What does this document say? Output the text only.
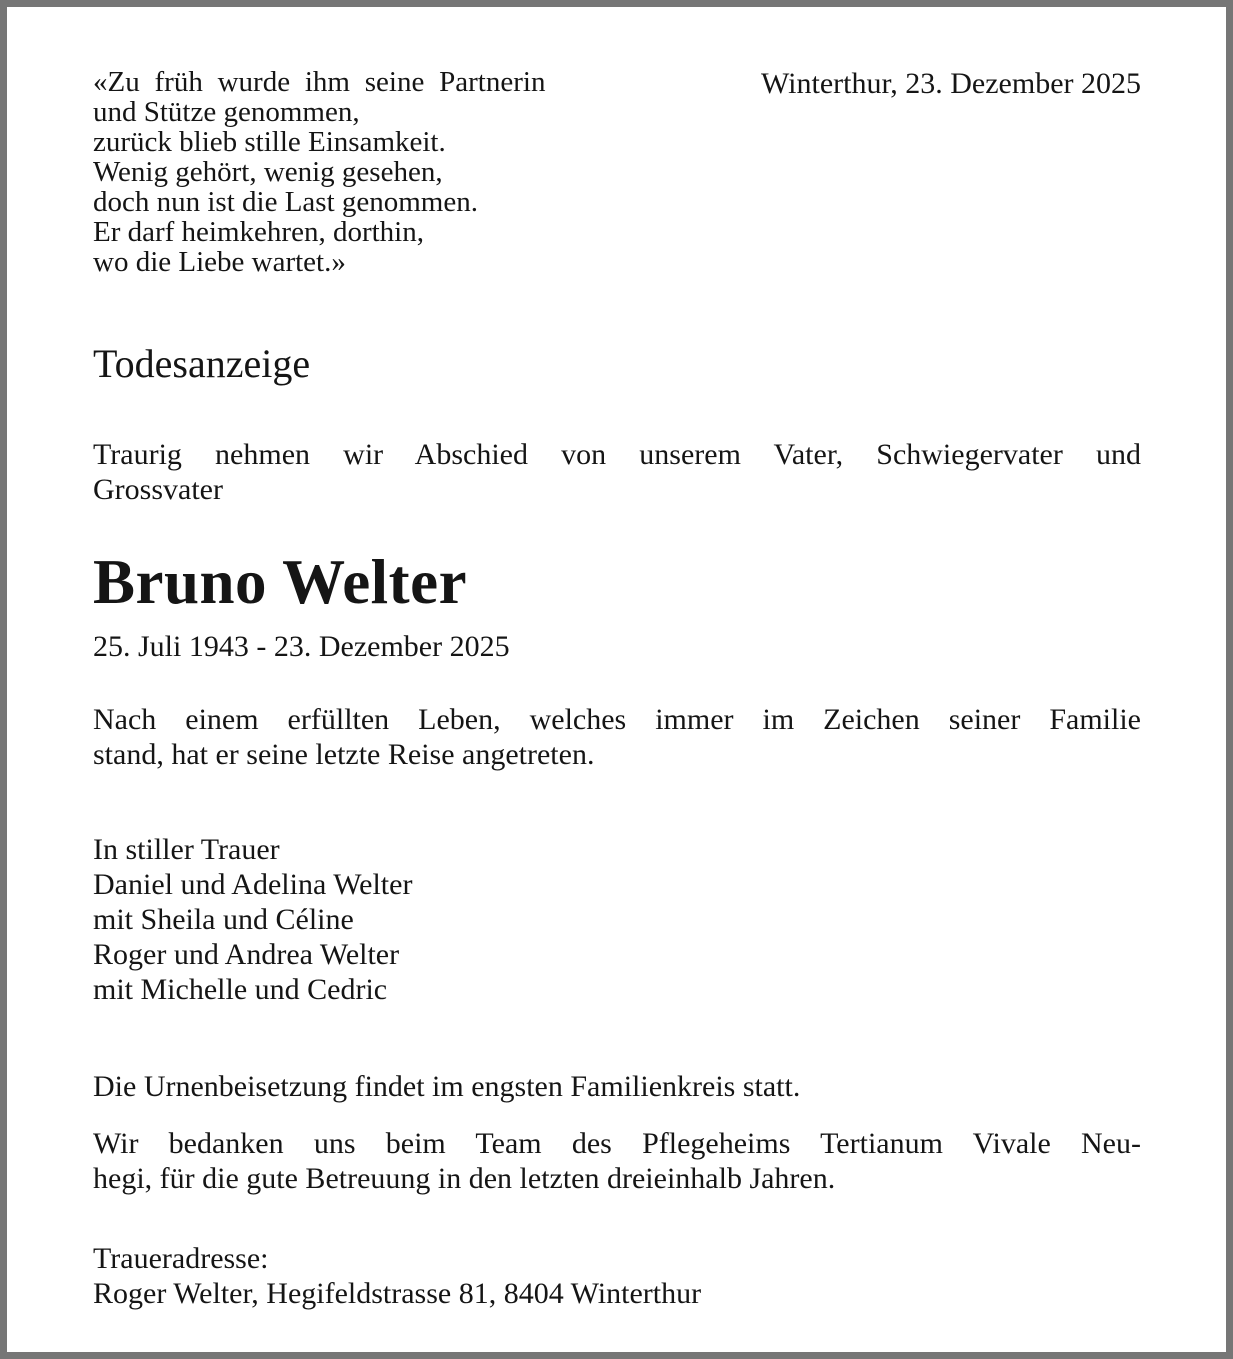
«Zu früh wurde ihm seine Partnerin
und Stütze genommen,
zurück blieb stille Einsamkeit.
Wenig gehört, wenig gesehen,
doch nun ist die Last genommen.
Er darf heimkehren, dorthin,
wo die Liebe wartet.»
Winterthur, 23. Dezember 2025
Todesanzeige
Traurig nehmen wir Abschied von unserem Vater, Schwiegervater und
Grossvater
Bruno Welter
25. Juli 1943 - 23. Dezember 2025
Nach einem erfüllten Leben, welches immer im Zeichen seiner Familie
stand, hat er seine letzte Reise angetreten.
In stiller Trauer
Daniel und Adelina Welter
mit Sheila und Céline
Roger und Andrea Welter
mit Michelle und Cedric
Die Urnenbeisetzung findet im engsten Familienkreis statt.
Wir bedanken uns beim Team des Pflegeheims Tertianum Vivale Neu-
hegi, für die gute Betreuung in den letzten dreieinhalb Jahren.
Traueradresse:
Roger Welter, Hegifeldstrasse 81, 8404 Winterthur
